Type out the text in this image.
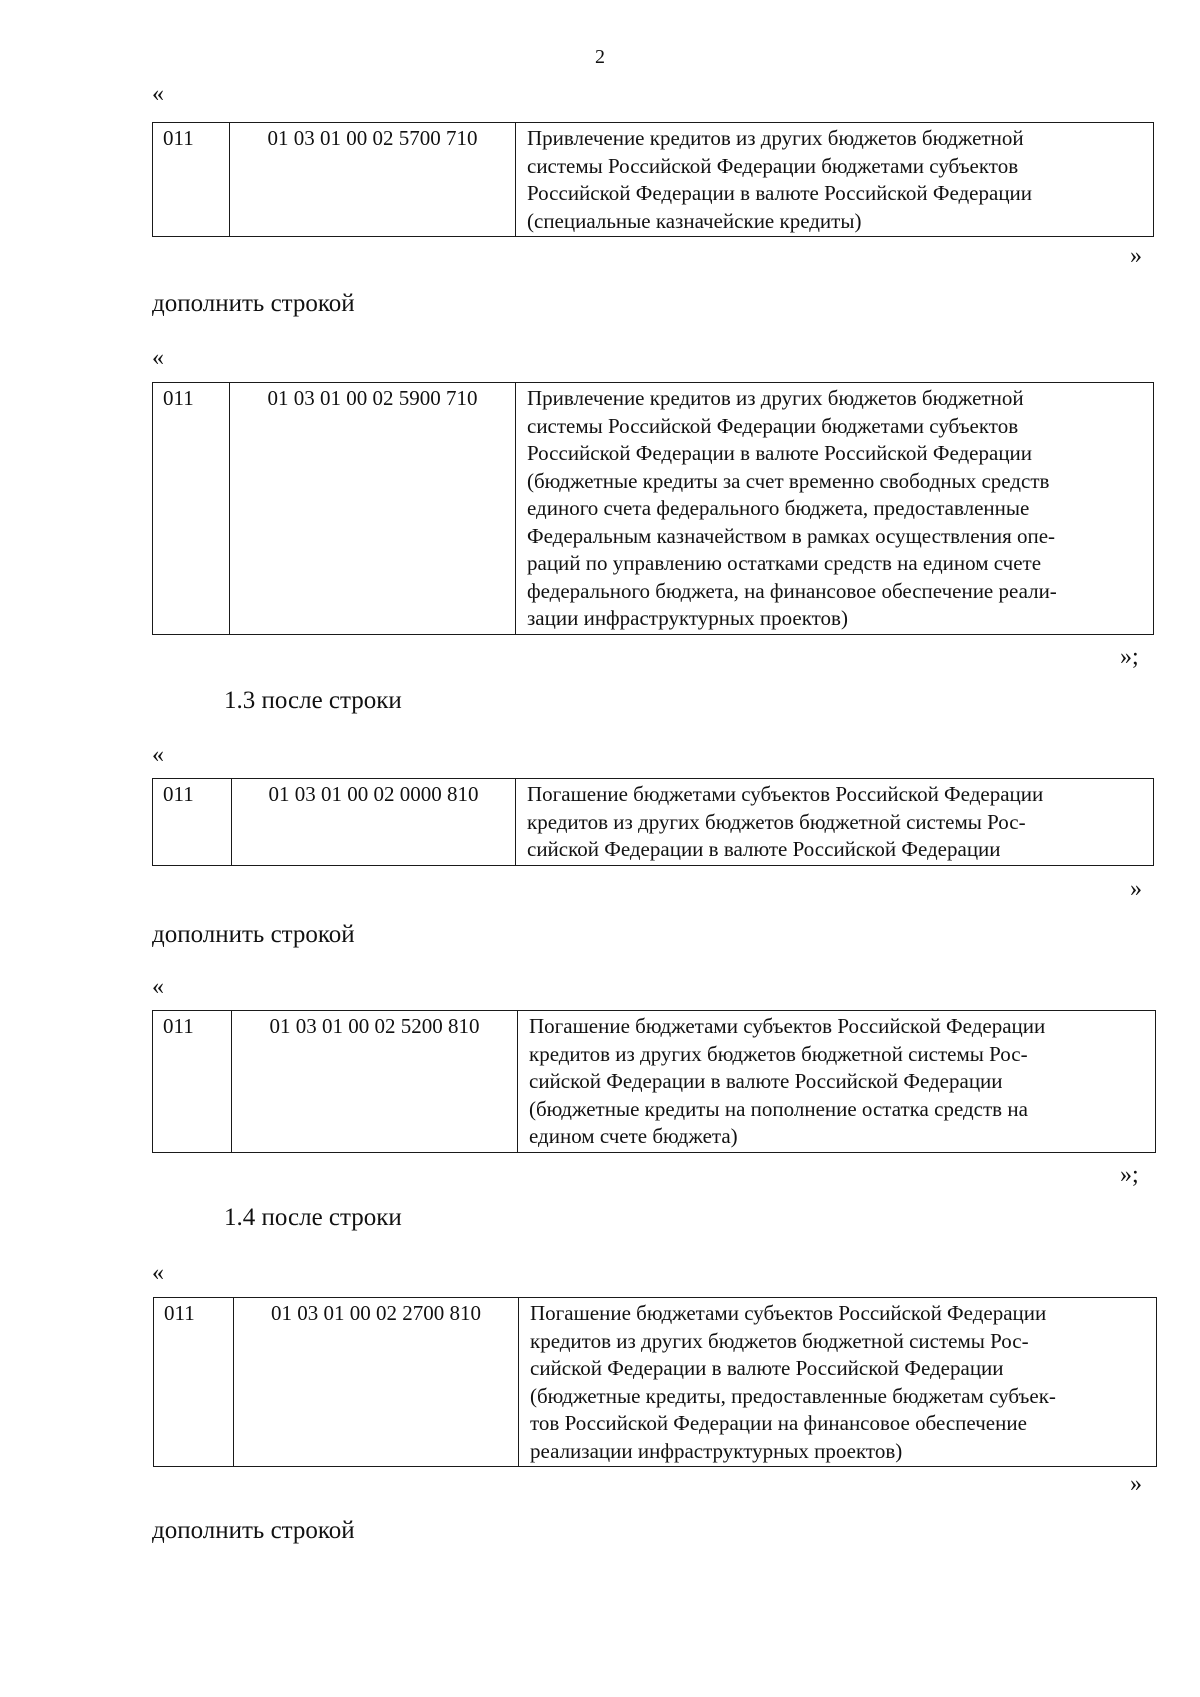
2
«
011	01 03 01 00 02 5700 710	Привлечение кредитов из других бюджетов бюджетной
системы Российской Федерации бюджетами субъектов
Российской Федерации в валюте Российской Федерации
(специальные казначейские кредиты)
»
дополнить строкой
«
011	01 03 01 00 02 5900 710	Привлечение кредитов из других бюджетов бюджетной
системы Российской Федерации бюджетами субъектов
Российской Федерации в валюте Российской Федерации
(бюджетные кредиты за счет временно свободных средств
единого счета федерального бюджета, предоставленные
Федеральным казначейством в рамках осуществления опе-
раций по управлению остатками средств на едином счете
федерального бюджета, на финансовое обеспечение реали-
зации инфраструктурных проектов)
»;
1.3 после строки
«
011	01 03 01 00 02 0000 810	Погашение бюджетами субъектов Российской Федерации
кредитов из других бюджетов бюджетной системы Рос-
сийской Федерации в валюте Российской Федерации
»
дополнить строкой
«
011	01 03 01 00 02 5200 810	Погашение бюджетами субъектов Российской Федерации
кредитов из других бюджетов бюджетной системы Рос-
сийской Федерации в валюте Российской Федерации
(бюджетные кредиты на пополнение остатка средств на
едином счете бюджета)
»;
1.4 после строки
«
011	01 03 01 00 02 2700 810	Погашение бюджетами субъектов Российской Федерации
кредитов из других бюджетов бюджетной системы Рос-
сийской Федерации в валюте Российской Федерации
(бюджетные кредиты, предоставленные бюджетам субъек-
тов Российской Федерации на финансовое обеспечение
реализации инфраструктурных проектов)
»
дополнить строкой
